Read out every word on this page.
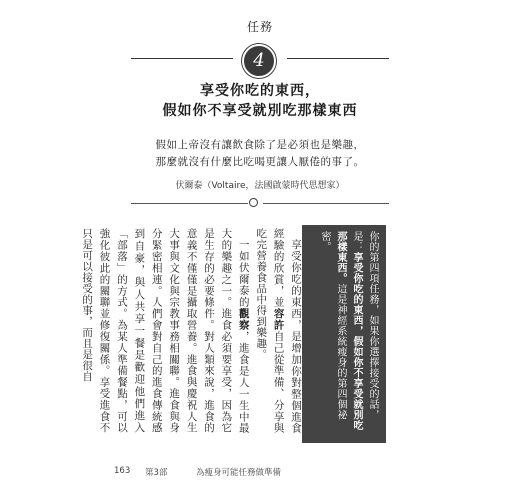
任務
4
享受你吃的東西，
假如你不享受就別吃那樣東西
假如上帝沒有讓飲食除了是必須也是樂趣，
那麼就沒有什麼比吃喝更讓人厭倦的事了。
伏爾泰（Voltaire，法國啟蒙時代思想家）
你的第四項任務，如果你選擇接受的話，是：享受你吃的東西，假如你不享受就別吃那樣東西。這是神經系統瘦身的第四個祕密。

享受你吃的東西，是增加你對整個進食經驗的欣賞，並容許自己從準備、分享與吃完營養食品中得到樂趣。

一如伏爾泰的觀察，進食是人一生中最大的樂趣之一。進食必須要享受，因為它是生存的必要條件。對人類來說，進食的意義不僅僅是攝取營養。進食與慶祝人生大事與文化與宗教事務相關聯。進食與身分緊密相連。人們會對自己的進食傳統感到自豪，與人共享一餐是歡迎他們進入「部落」的方式。為某人準備餐點，可以強化彼此的關聯並修復關係。享受進食不只是可以接受的事，而且是很自

163 第3部	為瘦身可能任務做準備
